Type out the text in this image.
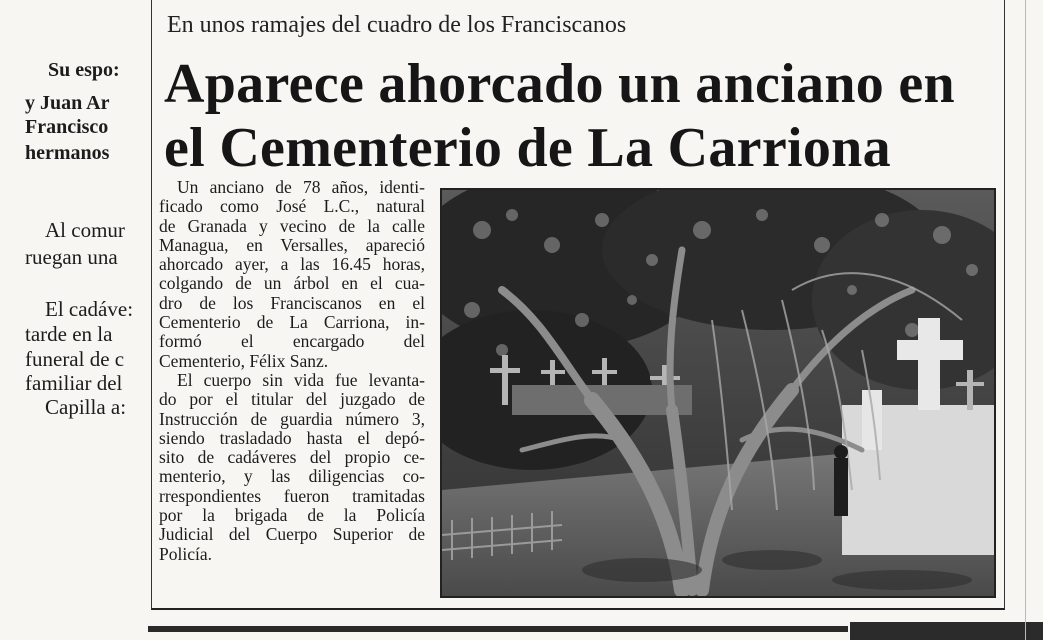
Su espo:
y Juan Ar
Francisco
hermanos
Al comur
ruegan una
El cadáve:
tarde en la
funeral de c
familiar del
Capilla a:
En unos ramajes del cuadro de los Franciscanos
Aparece ahorcado un anciano en
el Cementerio de La Carriona
Un anciano de 78 años, identi-
ficado como José L.C., natural
de Granada y vecino de la calle
Managua, en Versalles, apareció
ahorcado ayer, a las 16.45 horas,
colgando de un árbol en el cua-
dro de los Franciscanos en el
Cementerio de La Carriona, in-
formó el encargado del
Cementerio, Félix Sanz.
El cuerpo sin vida fue levanta-
do por el titular del juzgado de
Instrucción de guardia número 3,
siendo trasladado hasta el depó-
sito de cadáveres del propio ce-
menterio, y las diligencias co-
rrespondientes fueron tramitadas
por la brigada de la Policía
Judicial del Cuerpo Superior de
Policía.
